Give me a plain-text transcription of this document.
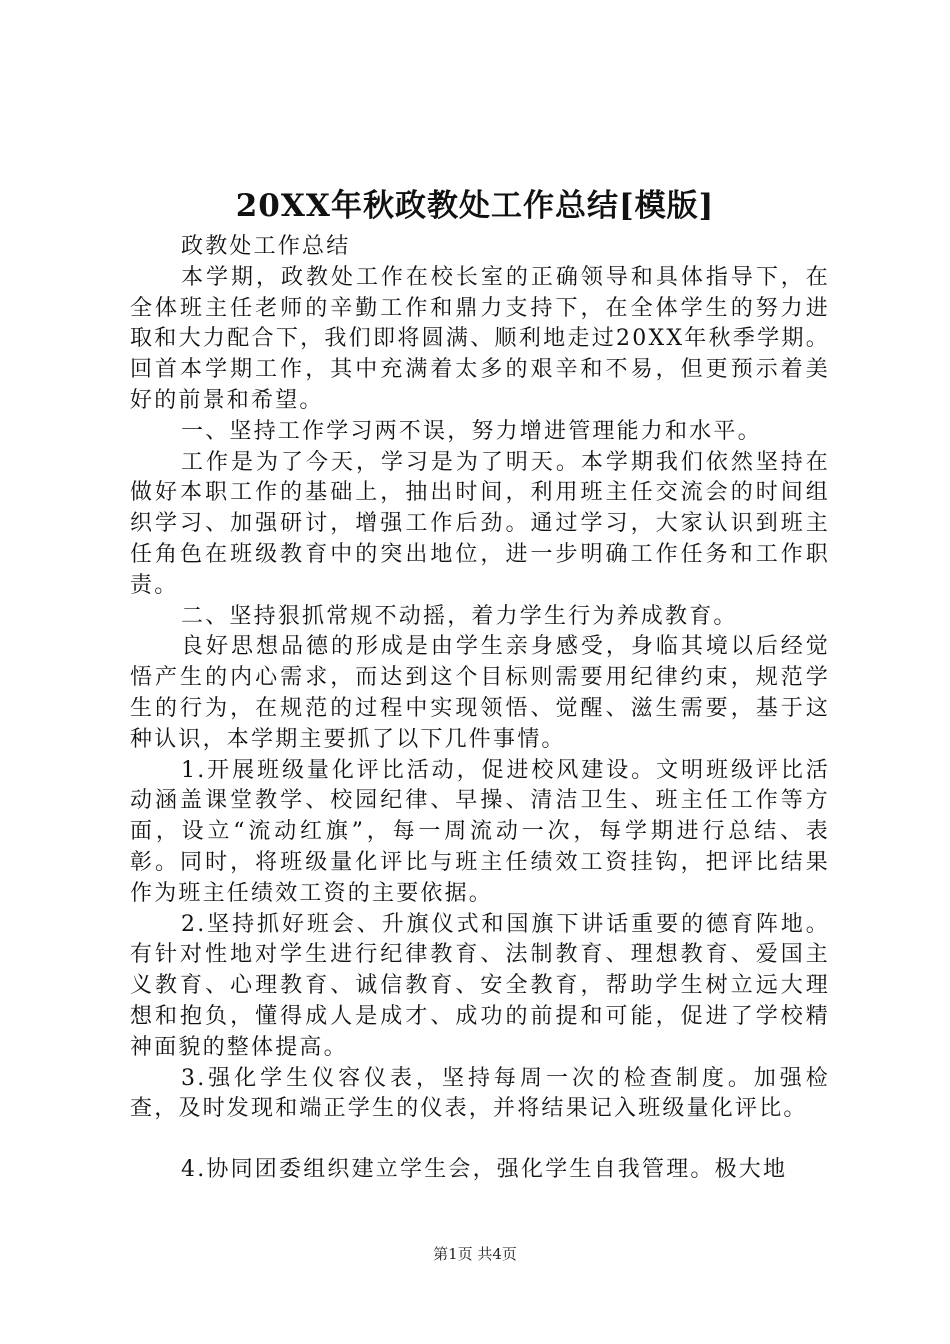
20XX年秋政教处工作总结[模版]

政教处工作总结

本学期，政教处工作在校长室的正确领导和具体指导下，在全体班主任老师的辛勤工作和鼎力支持下，在全体学生的努力进取和大力配合下，我们即将圆满、顺利地走过20XX年秋季学期。回首本学期工作，其中充满着太多的艰辛和不易，但更预示着美好的前景和希望。

一、坚持工作学习两不误，努力增进管理能力和水平。

工作是为了今天，学习是为了明天。本学期我们依然坚持在做好本职工作的基础上，抽出时间，利用班主任交流会的时间组织学习、加强研讨，增强工作后劲。通过学习，大家认识到班主任角色在班级教育中的突出地位，进一步明确工作任务和工作职责。

二、坚持狠抓常规不动摇，着力学生行为养成教育。

良好思想品德的形成是由学生亲身感受，身临其境以后经觉悟产生的内心需求，而达到这个目标则需要用纪律约束，规范学生的行为，在规范的过程中实现领悟、觉醒、滋生需要，基于这种认识，本学期主要抓了以下几件事情。

1.开展班级量化评比活动，促进校风建设。文明班级评比活动涵盖课堂教学、校园纪律、早操、清洁卫生、班主任工作等方面，设立“流动红旗”，每一周流动一次，每学期进行总结、表彰。同时，将班级量化评比与班主任绩效工资挂钩，把评比结果作为班主任绩效工资的主要依据。

2.坚持抓好班会、升旗仪式和国旗下讲话重要的德育阵地。有针对性地对学生进行纪律教育、法制教育、理想教育、爱国主义教育、心理教育、诚信教育、安全教育，帮助学生树立远大理想和抱负，懂得成人是成才、成功的前提和可能，促进了学校精神面貌的整体提高。

3.强化学生仪容仪表，坚持每周一次的检查制度。加强检查，及时发现和端正学生的仪表，并将结果记入班级量化评比。

4.协同团委组织建立学生会，强化学生自我管理。极大地

第1页 共4页
